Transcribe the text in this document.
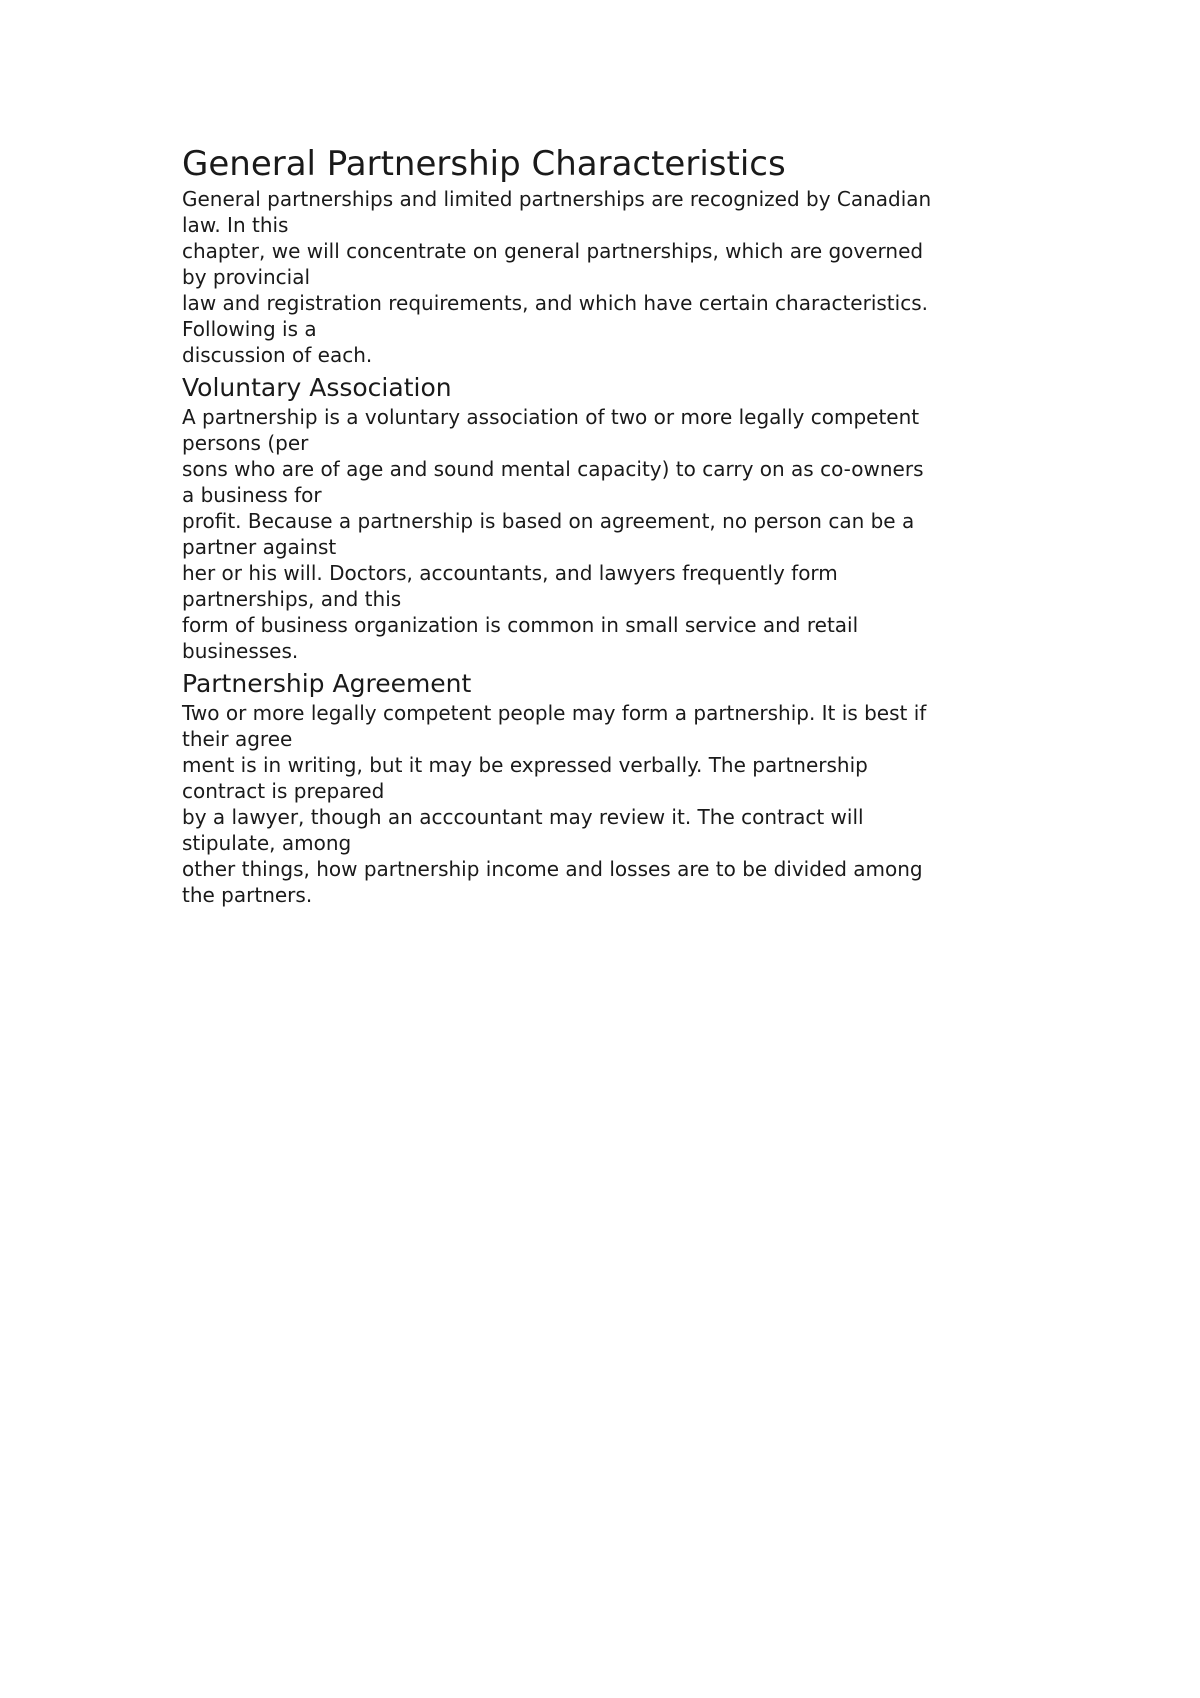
General Partnership Characteristics

General partnerships and limited partnerships are recognized by Canadian
law. In this
chapter, we will concentrate on general partnerships, which are governed
by provincial
law and registration requirements, and which have certain characteristics.
Following is a
discussion of each.

Voluntary Association

A partnership is a voluntary association of two or more legally competent
persons (per
sons who are of age and sound mental capacity) to carry on as co-owners
a business for
profit. Because a partnership is based on agreement, no person can be a
partner against
her or his will. Doctors, accountants, and lawyers frequently form
partnerships, and this
form of business organization is common in small service and retail
businesses.

Partnership Agreement

Two or more legally competent people may form a partnership. It is best if
their agree
ment is in writing, but it may be expressed verbally. The partnership
contract is prepared
by a lawyer, though an acccountant may review it. The contract will
stipulate, among
other things, how partnership income and losses are to be divided among
the partners.
